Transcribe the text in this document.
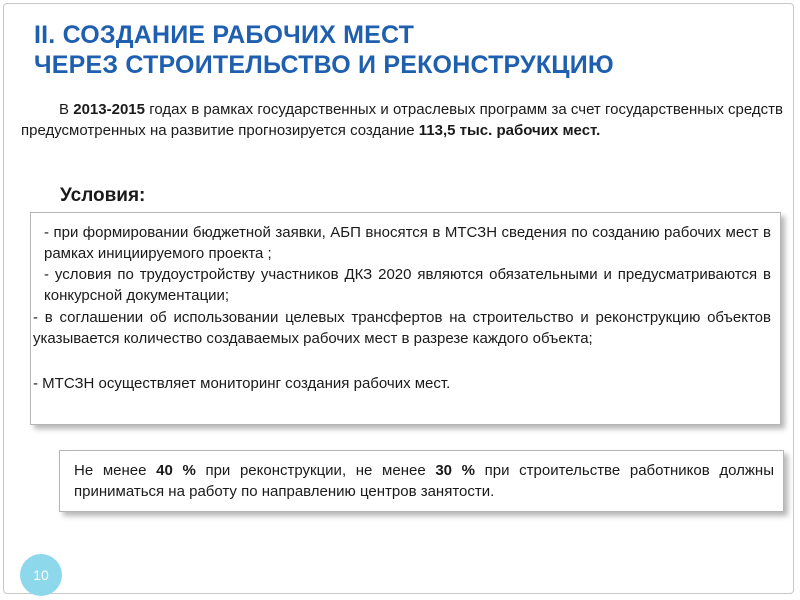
II. СОЗДАНИЕ РАБОЧИХ МЕСТ
ЧЕРЕЗ СТРОИТЕЛЬСТВО И РЕКОНСТРУКЦИЮ

В 2013-2015 годах в рамках государственных и отраслевых программ за счет государственных средств предусмотренных на развитие прогнозируется создание 113,5 тыс. рабочих мест.

Условия:
- при формировании бюджетной заявки, АБП вносятся в МТСЗН сведения по созданию рабочих мест в рамках инициируемого проекта ;
- условия по трудоустройству участников ДКЗ 2020 являются обязательными и предусматриваются в конкурсной документации;
- в соглашении об использовании целевых трансфертов на строительство и реконструкцию объектов указывается количество создаваемых рабочих мест в разрезе каждого объекта;
- МТСЗН осуществляет мониторинг создания рабочих мест.

Не менее 40 % при реконструкции, не менее 30 % при строительстве работников должны приниматься на работу по направлению центров занятости.

10
